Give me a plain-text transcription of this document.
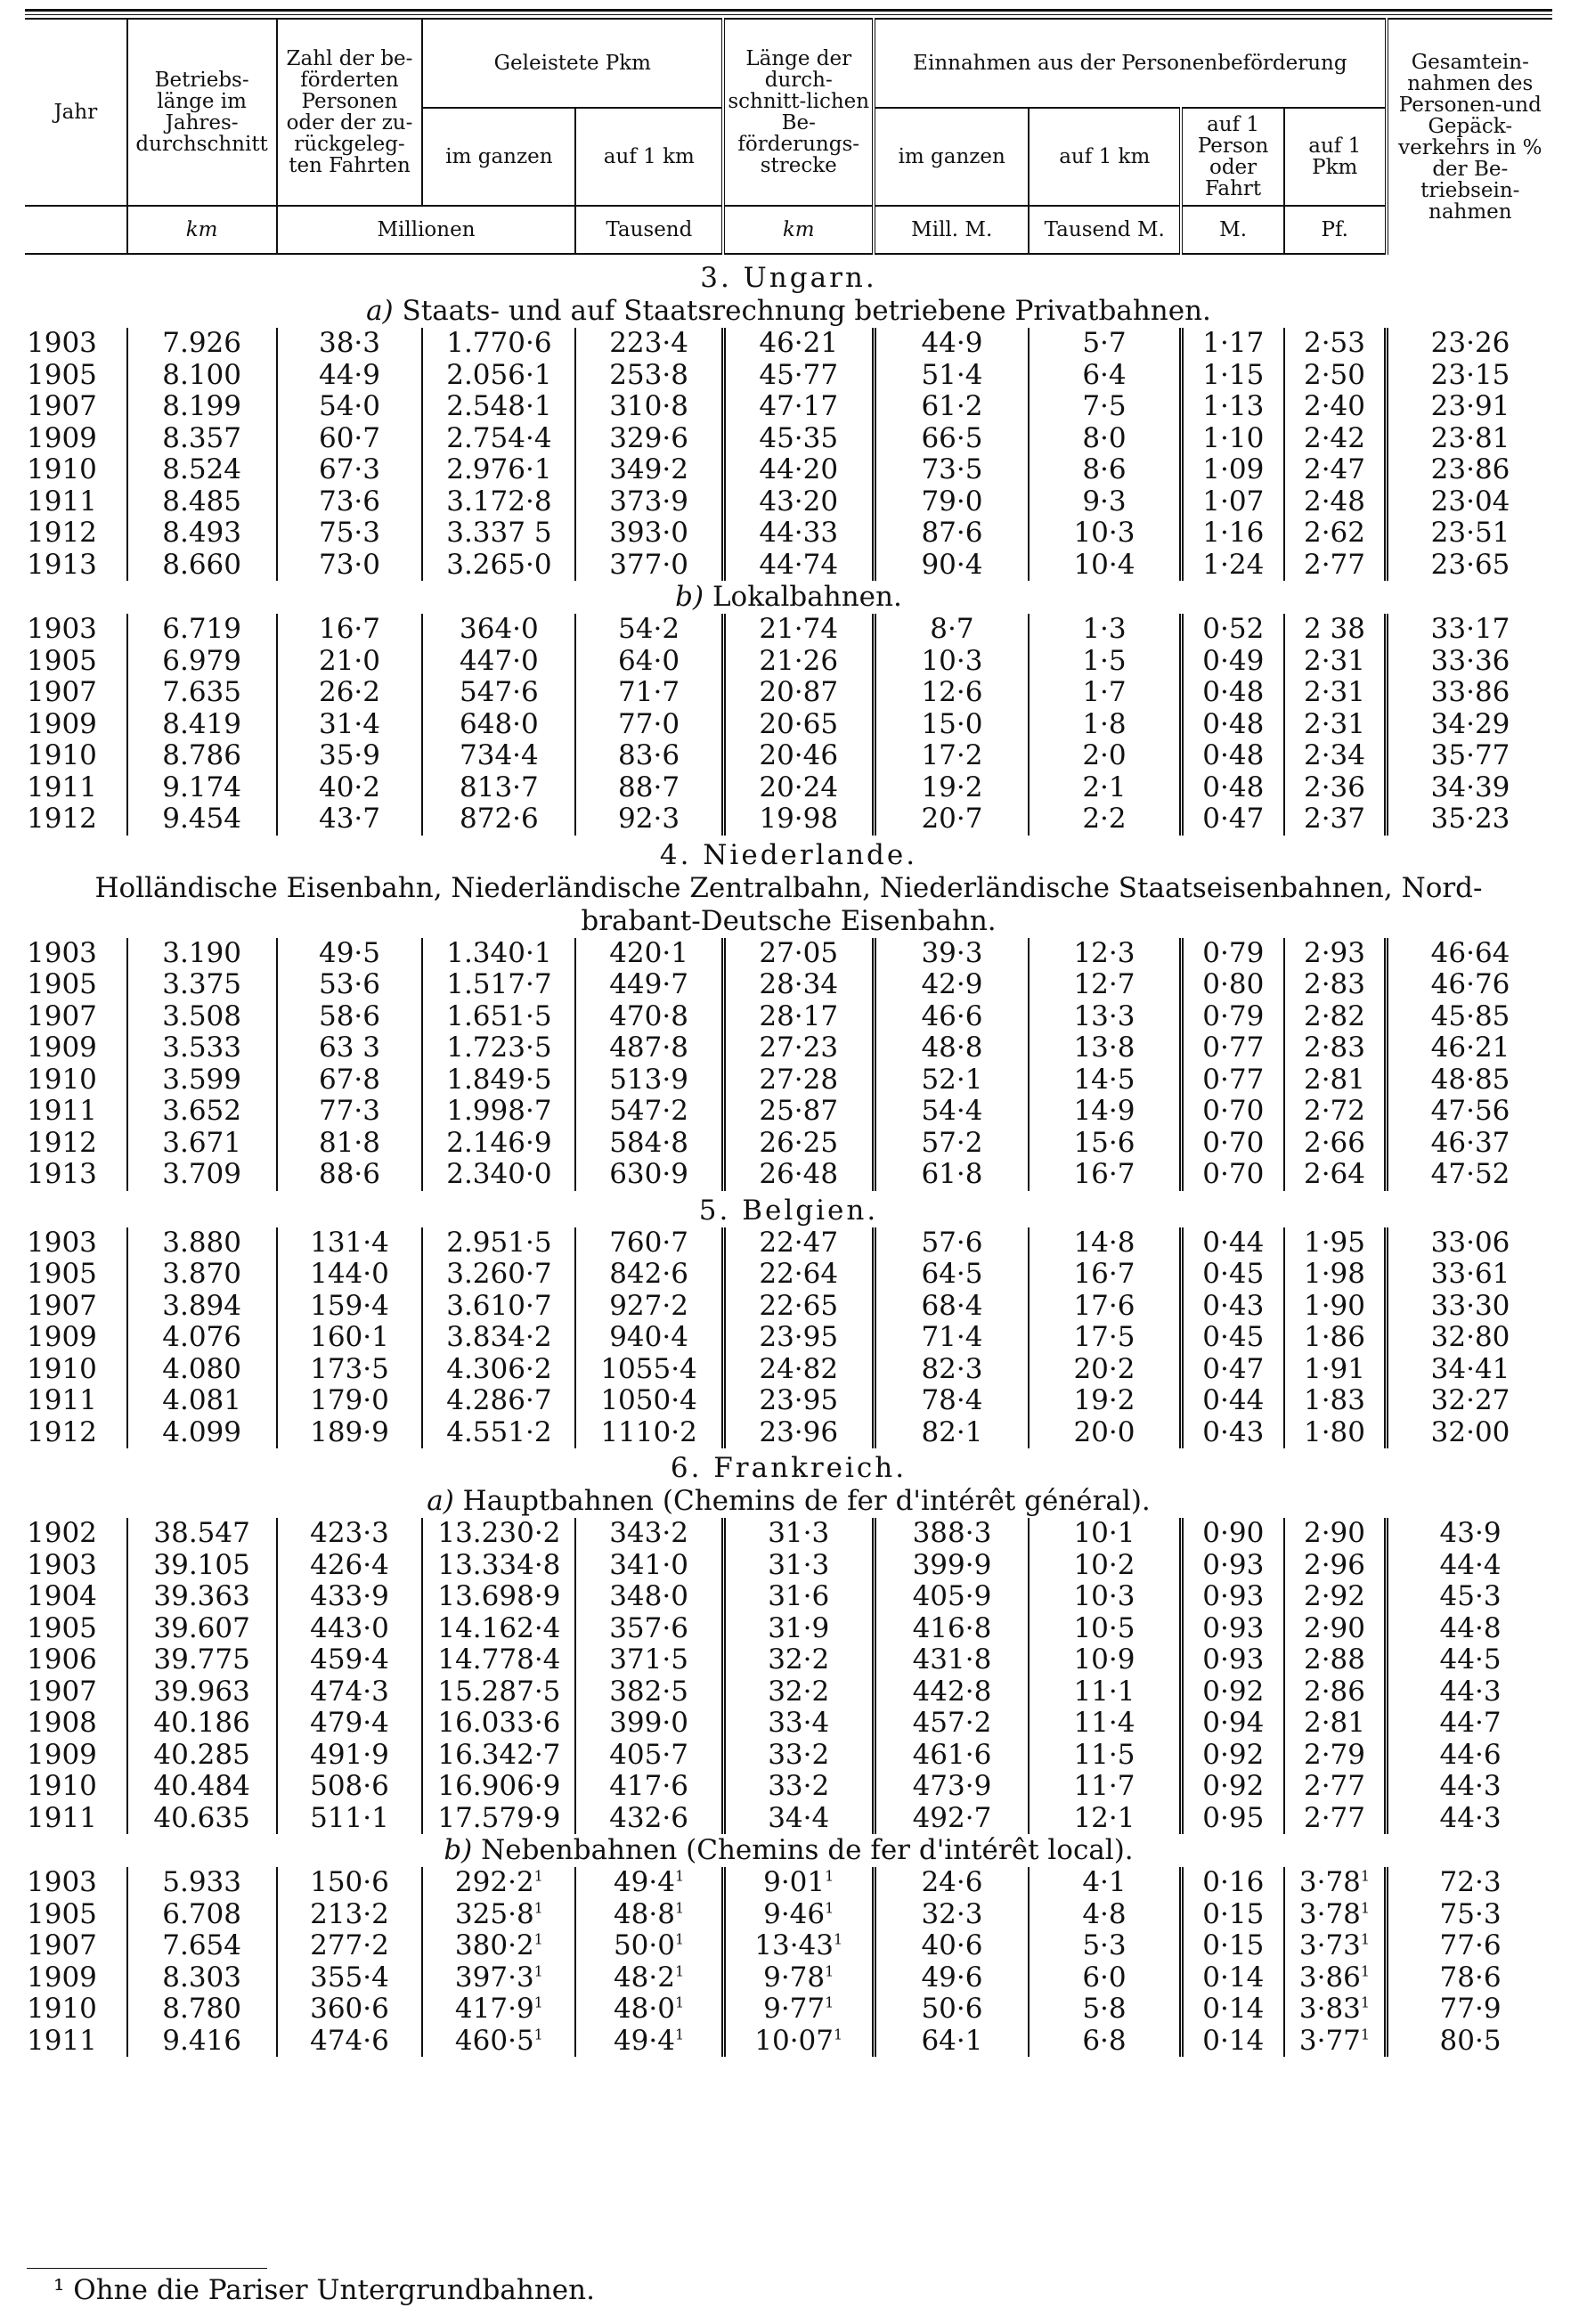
Jahr	Betriebs-länge im Jahres-durchschnitt	Zahl der be-förderten Personen oder der zu-rückgeleg-ten Fahrten	Geleistete Pkm		Länge der durch-schnitt-lichen Be-förderungs-strecke	Einnahmen aus der Personenbeförderung				Gesamtein-nahmen des Personen-und Gepäck-verkehrs in % der Be-triebsein-nahmen
			im ganzen	auf 1 km		im ganzen	auf 1 km	auf 1 Person oder Fahrt	auf 1 Pkm	
	km	Millionen		Tausend	km	Mill. M.	Tausend M.	M.	Pf.	
3. Ungarn.
a) Staats- und auf Staatsrechnung betriebene Privatbahnen.
1903	7.926	38·3	1.770·6	223·4	46·21	44·9	5·7	1·17	2·53	23·26
1905	8.100	44·9	2.056·1	253·8	45·77	51·4	6·4	1·15	2·50	23·15
1907	8.199	54·0	2.548·1	310·8	47·17	61·2	7·5	1·13	2·40	23·91
1909	8.357	60·7	2.754·4	329·6	45·35	66·5	8·0	1·10	2·42	23·81
1910	8.524	67·3	2.976·1	349·2	44·20	73·5	8·6	1·09	2·47	23·86
1911	8.485	73·6	3.172·8	373·9	43·20	79·0	9·3	1·07	2·48	23·04
1912	8.493	75·3	3.337 5	393·0	44·33	87·6	10·3	1·16	2·62	23·51
1913	8.660	73·0	3.265·0	377·0	44·74	90·4	10·4	1·24	2·77	23·65
b) Lokalbahnen.
1903	6.719	16·7	364·0	54·2	21·74	8·7	1·3	0·52	2 38	33·17
1905	6.979	21·0	447·0	64·0	21·26	10·3	1·5	0·49	2·31	33·36
1907	7.635	26·2	547·6	71·7	20·87	12·6	1·7	0·48	2·31	33·86
1909	8.419	31·4	648·0	77·0	20·65	15·0	1·8	0·48	2·31	34·29
1910	8.786	35·9	734·4	83·6	20·46	17·2	2·0	0·48	2·34	35·77
1911	9.174	40·2	813·7	88·7	20·24	19·2	2·1	0·48	2·36	34·39
1912	9.454	43·7	872·6	92·3	19·98	20·7	2·2	0·47	2·37	35·23
4. Niederlande.
Holländische Eisenbahn, Niederländische Zentralbahn, Niederländische Staatseisenbahnen, Nord-
brabant-Deutsche Eisenbahn.
1903	3.190	49·5	1.340·1	420·1	27·05	39·3	12·3	0·79	2·93	46·64
1905	3.375	53·6	1.517·7	449·7	28·34	42·9	12·7	0·80	2·83	46·76
1907	3.508	58·6	1.651·5	470·8	28·17	46·6	13·3	0·79	2·82	45·85
1909	3.533	63 3	1.723·5	487·8	27·23	48·8	13·8	0·77	2·83	46·21
1910	3.599	67·8	1.849·5	513·9	27·28	52·1	14·5	0·77	2·81	48·85
1911	3.652	77·3	1.998·7	547·2	25·87	54·4	14·9	0·70	2·72	47·56
1912	3.671	81·8	2.146·9	584·8	26·25	57·2	15·6	0·70	2·66	46·37
1913	3.709	88·6	2.340·0	630·9	26·48	61·8	16·7	0·70	2·64	47·52
5. Belgien.
1903	3.880	131·4	2.951·5	760·7	22·47	57·6	14·8	0·44	1·95	33·06
1905	3.870	144·0	3.260·7	842·6	22·64	64·5	16·7	0·45	1·98	33·61
1907	3.894	159·4	3.610·7	927·2	22·65	68·4	17·6	0·43	1·90	33·30
1909	4.076	160·1	3.834·2	940·4	23·95	71·4	17·5	0·45	1·86	32·80
1910	4.080	173·5	4.306·2	1055·4	24·82	82·3	20·2	0·47	1·91	34·41
1911	4.081	179·0	4.286·7	1050·4	23·95	78·4	19·2	0·44	1·83	32·27
1912	4.099	189·9	4.551·2	1110·2	23·96	82·1	20·0	0·43	1·80	32·00
6. Frankreich.
a) Hauptbahnen (Chemins de fer d'intérêt général).
1902	38.547	423·3	13.230·2	343·2	31·3	388·3	10·1	0·90	2·90	43·9
1903	39.105	426·4	13.334·8	341·0	31·3	399·9	10·2	0·93	2·96	44·4
1904	39.363	433·9	13.698·9	348·0	31·6	405·9	10·3	0·93	2·92	45·3
1905	39.607	443·0	14.162·4	357·6	31·9	416·8	10·5	0·93	2·90	44·8
1906	39.775	459·4	14.778·4	371·5	32·2	431·8	10·9	0·93	2·88	44·5
1907	39.963	474·3	15.287·5	382·5	32·2	442·8	11·1	0·92	2·86	44·3
1908	40.186	479·4	16.033·6	399·0	33·4	457·2	11·4	0·94	2·81	44·7
1909	40.285	491·9	16.342·7	405·7	33·2	461·6	11·5	0·92	2·79	44·6
1910	40.484	508·6	16.906·9	417·6	33·2	473·9	11·7	0·92	2·77	44·3
1911	40.635	511·1	17.579·9	432·6	34·4	492·7	12·1	0·95	2·77	44·3
b) Nebenbahnen (Chemins de fer d'intérêt local).
1903	5.933	150·6	292·2$^1$	49·4$^1$	9·01$^1$	24·6	4·1	0·16	3·78$^1$	72·3
1905	6.708	213·2	325·8$^1$	48·8$^1$	9·46$^1$	32·3	4·8	0·15	3·78$^1$	75·3
1907	7.654	277·2	380·2$^1$	50·0$^1$	13·43$^1$	40·6	5·3	0·15	3·73$^1$	77·6
1909	8.303	355·4	397·3$^1$	48·2$^1$	9·78$^1$	49·6	6·0	0·14	3·86$^1$	78·6
1910	8.780	360·6	417·9$^1$	48·0$^1$	9·77$^1$	50·6	5·8	0·14	3·83$^1$	77·9
1911	9.416	474·6	460·5$^1$	49·4$^1$	10·07$^1$	64·1	6·8	0·14	3·77$^1$	80·5
¹ Ohne die Pariser Untergrundbahnen.
